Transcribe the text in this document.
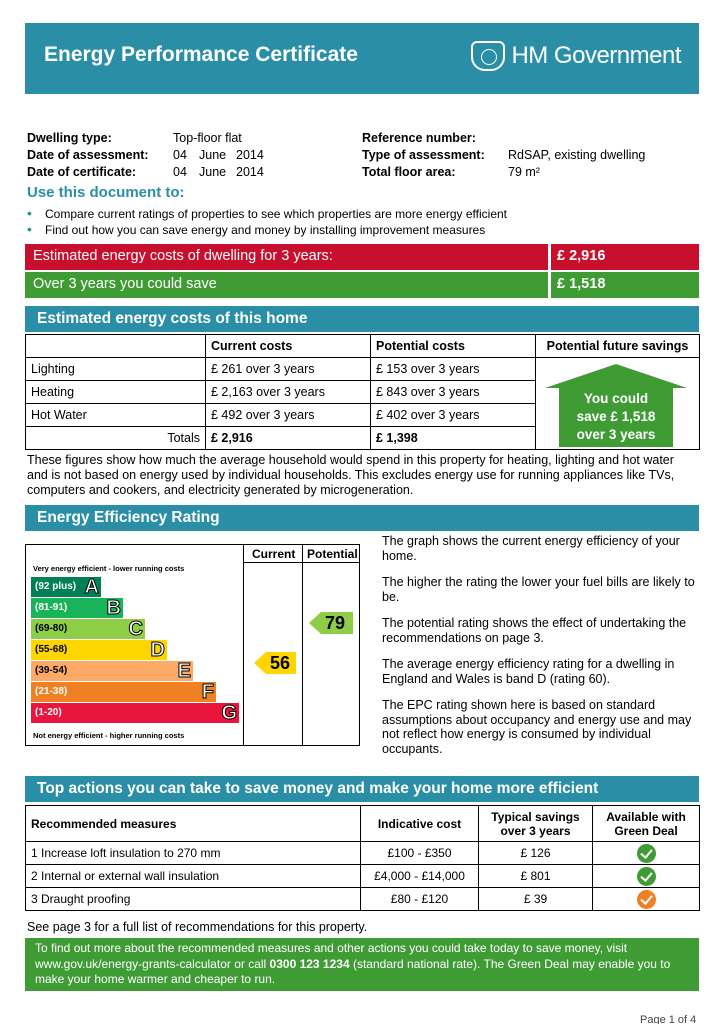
Energy Performance Certificate	HM Government
Dwelling type:	Top-floor flat
Date of assessment:	04 June 2014
Date of certificate:	04 June 2014
Reference number:
Type of assessment:	RdSAP, existing dwelling
Total floor area:	79 m²
Use this document to:
• Compare current ratings of properties to see which properties are more energy efficient
• Find out how you can save energy and money by installing improvement measures
Estimated energy costs of dwelling for 3 years:	£ 2,916
Over 3 years you could save	£ 1,518
Estimated energy costs of this home
	Current costs	Potential costs	Potential future savings
Lighting	£ 261 over 3 years	£ 153 over 3 years	You could
save £ 1,518
over 3 years

Heating	£ 2,163 over 3 years	£ 843 over 3 years	
Hot Water	£ 492 over 3 years	£ 402 over 3 years	
Totals	£ 2,916	£ 1,398	
These figures show how much the average household would spend in this property for heating, lighting and hot water and is not based on energy used by individual households. This excludes energy use for running appliances like TVs, computers and cookers, and electricity generated by microgeneration.
Energy Efficiency Rating
Current Potential
Very energy efficient - lower running costs
(92 plus) A
(81-91) B
(69-80)	C
(55-68)	D
(39-54)	E
(21-38)	F
(1-20)	G
Not energy efficient - higher running costs
56
79

The graph shows the current energy efficiency of your home.

The higher the rating the lower your fuel bills are likely to be.

The potential rating shows the effect of undertaking the recommendations on page 3.

The average energy efficiency rating for a dwelling in England and Wales is band D (rating 60).

The EPC rating shown here is based on standard assumptions about occupancy and energy use and may not reflect how energy is consumed by individual occupants.

Top actions you can take to save money and make your home more efficient
Recommended measures	Indicative cost	Typical savings over 3 years	Available with Green Deal
1 Increase loft insulation to 270 mm	£100 - £350	£ 126	
2 Internal or external wall insulation	£4,000 - £14,000	£ 801	
3 Draught proofing	£80 - £120	£ 39	
See page 3 for a full list of recommendations for this property.
To find out more about the recommended measures and other actions you could take today to save money, visit www.gov.uk/energy-grants-calculator or call 0300 123 1234 (standard national rate). The Green Deal may enable you to make your home warmer and cheaper to run.
Page 1 of 4
